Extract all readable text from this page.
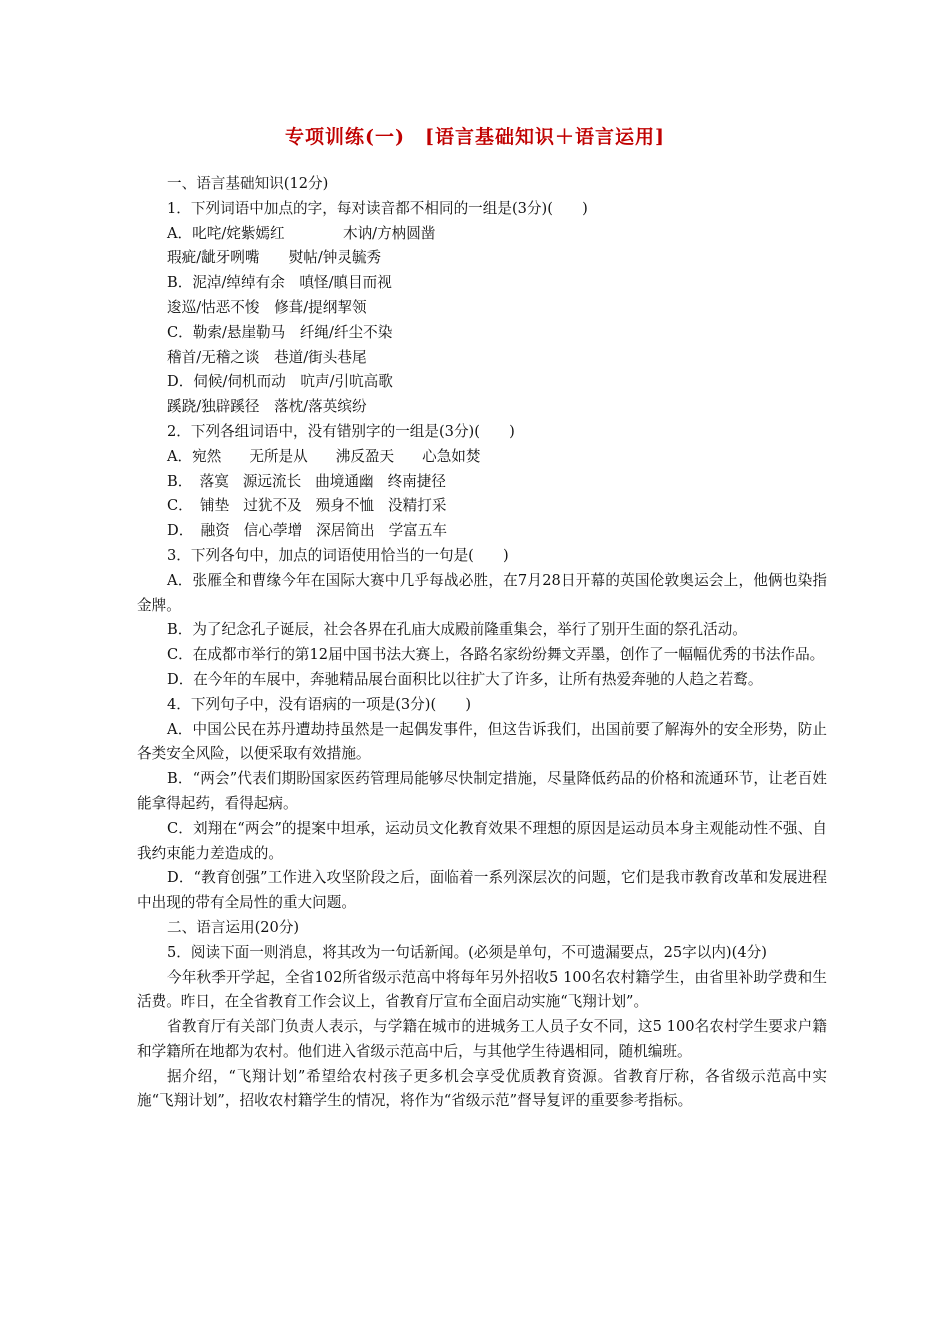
专项训练(一)　[语言基础知识＋语言运用]
一、语言基础知识(12分)
1．下列词语中加点的字，每对读音都不相同的一组是(3分)(　　)
A．叱咤/姹紫嫣红　　　　木讷/方枘圆凿
瑕疵/龇牙咧嘴　　熨帖/钟灵毓秀
B．泥淖/绰绰有余　嗔怪/瞋目而视
逡巡/怙恶不悛　修葺/提纲挈领
C．勒索/悬崖勒马　纤绳/纤尘不染
稽首/无稽之谈　巷道/街头巷尾
D．伺候/伺机而动　吭声/引吭高歌
蹊跷/独辟蹊径　落枕/落英缤纷
2．下列各组词语中，没有错别字的一组是(3分)(　　)
A．宛然 无所是从 沸反盈天 心急如焚
B．　落寞 源远流长 曲境通幽 终南捷径
C．　铺垫 过犹不及 殒身不恤 没精打采
D．　融资 信心荸增 深居简出 学富五车
3．下列各句中，加点的词语使用恰当的一句是(　　)
A．张雁全和曹缘今年在国际大赛中几乎每战必胜，在7月28日开幕的英国伦敦奥运会上，他俩也染指金牌。
B．为了纪念孔子诞辰，社会各界在孔庙大成殿前隆重集会，举行了别开生面的祭孔活动。
C．在成都市举行的第12届中国书法大赛上，各路名家纷纷舞文弄墨，创作了一幅幅优秀的书法作品。
D．在今年的车展中，奔驰精品展台面积比以往扩大了许多，让所有热爱奔驰的人趋之若鹜。
4．下列句子中，没有语病的一项是(3分)(　　)
A．中国公民在苏丹遭劫持虽然是一起偶发事件，但这告诉我们，出国前要了解海外的安全形势，防止各类安全风险，以便采取有效措施。
B．“两会”代表们期盼国家医药管理局能够尽快制定措施，尽量降低药品的价格和流通环节，让老百姓能拿得起药，看得起病。
C．刘翔在“两会”的提案中坦承，运动员文化教育效果不理想的原因是运动员本身主观能动性不强、自我约束能力差造成的。
D．“教育创强”工作进入攻坚阶段之后，面临着一系列深层次的问题，它们是我市教育改革和发展进程中出现的带有全局性的重大问题。
二、语言运用(20分)
5．阅读下面一则消息，将其改为一句话新闻。(必须是单句，不可遗漏要点，25字以内)(4分)
今年秋季开学起，全省102所省级示范高中将每年另外招收5 100名农村籍学生，由省里补助学费和生活费。昨日，在全省教育工作会议上，省教育厅宣布全面启动实施“飞翔计划”。
省教育厅有关部门负责人表示，与学籍在城市的进城务工人员子女不同，这5 100名农村学生要求户籍和学籍所在地都为农村。他们进入省级示范高中后，与其他学生待遇相同，随机编班。
据介绍，“飞翔计划”希望给农村孩子更多机会享受优质教育资源。省教育厅称，各省级示范高中实施“飞翔计划”，招收农村籍学生的情况，将作为“省级示范”督导复评的重要参考指标。
